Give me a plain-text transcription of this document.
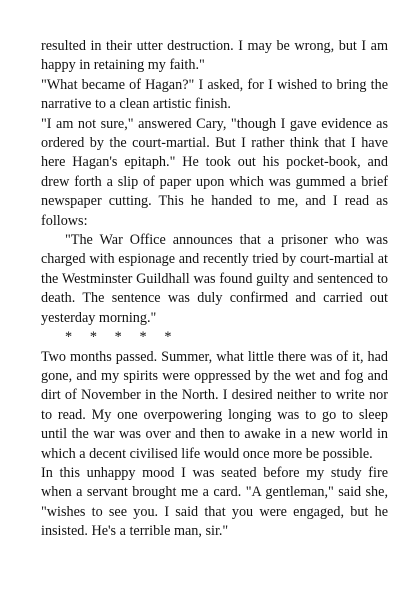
resulted in their utter destruction. I may be wrong, but I am happy in retaining my faith."

"What became of Hagan?" I asked, for I wished to bring the narrative to a clean artistic finish.

"I am not sure," answered Cary, "though I gave evidence as ordered by the court-martial. But I rather think that I have here Hagan's epitaph." He took out his pocket-book, and drew forth a slip of paper upon which was gummed a brief newspaper cutting. This he handed to me, and I read as follows:

"The War Office announces that a prisoner who was charged with espionage and recently tried by court-martial at the Westminster Guildhall was found guilty and sentenced to death. The sentence was duly confirmed and carried out yesterday morning."

*     *     *     *     *

Two months passed. Summer, what little there was of it, had gone, and my spirits were oppressed by the wet and fog and dirt of November in the North. I desired neither to write nor to read. My one overpowering longing was to go to sleep until the war was over and then to awake in a new world in which a decent civilised life would once more be possible.

In this unhappy mood I was seated before my study fire when a servant brought me a card. "A gentleman," said she, "wishes to see you. I said that you were engaged, but he insisted. He's a terrible man, sir."
